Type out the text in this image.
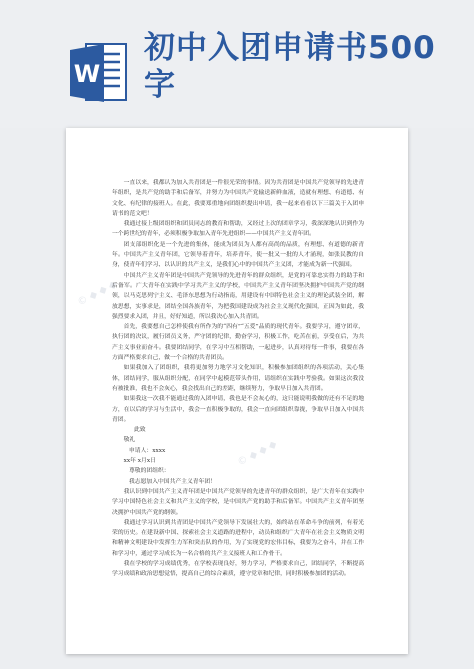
W
初中入团申请书500字
© ◆ ◆ ◆
© ◆ ◆ ◆

一直以来，我都认为加入共青团是一件很光荣的事情。因为共青团是中国共产党领导的先进青年组织，是共产党的助手和后备军，并努力为中国共产党输送新鲜血液，造就有理想、有道德、有文化、有纪律的接班人。在此，我要郑重地向团组织提出申请，我一起来看看以下三篇关于入团申请书的范文吧！

我通过接上级团组织和团员同志的教育和帮助，又经过上次的团章学习，我深深地认识到作为一个跨世纪的青年，必须积极争取加入青年先进组织——中国共产主义青年团。

团支部组织化是一个先进的集体，能成为团员为人都有高尚的品质，有理想、有道德的新青年。中国共产主义青年团，它领导着青年，培养青年，使一批又一批的人才涌现，如张民教的自身，使青年们学习、以认识的共产主义，是我们心中的中国共产主义团，才能成为新一代强国。

中国共产主义青年团是中国共产党领导的先进青年的群众组织，是党的可靠忠实得力的助手和后备军。广大青年在实践中学习共产主义的学校，中国共产主义青年团坚决拥护中国共产党的纲领，以马克思列宁主义、毛泽东思想为行动指南，用建设有中国特色社会主义的理论武装全团，解放思想，实事求是，团结全国各族青年，为把我国建设成为社会主义现代化强国，正因为如此，我强烈要求入团，并且，好好知道，所以我决心加入共青团。

首先，我要想自己怎样使我有所作为的“四有”“五爱”品质的现代青年。我要学习，遵守团章，执行团的决议，履行团员义务，严守团的纪律，勤奋学习，积极工作，吃苦在前，享受在后，为共产主义事业而奋斗。我要团结同学，在学习中互相帮助，一起进步，认真对待每一件事，我要在各方面严格要求自己，做一个合格的共青团员。

如果我加入了团组织，我将更加努力地学习文化知识，积极参加团组织的各项活动，关心集体，团结同学，服从组织分配，在同学中起模范带头作用，请组织在实践中考验我。如果这次我没有被批准，我也不会灰心，我会找出自己的差距，继续努力，争取早日加入共青团。

如果我这一次我不能通过我的入团申请，我也是不会灰心的，这只能说明我做的还有不足的地方，在以后的学习与生活中，我会一直积极争取的，我会一直向团组织靠拢，争取早日加入中国共青团。

此致

敬礼

申请人：xxxx

xx年 x月x日

尊敬的团组织：

我志愿加入中国共产主义青年团！

我认识到中国共产主义青年团是中国共产党领导的先进青年的群众组织，是广大青年在实践中学习中国特色社会主义和共产主义的学校，是中国共产党的助手和后备军。中国共产主义青年团坚决拥护中国共产党的纲领。

我通过学习认识到共青团是中国共产党领导下发展壮大的，始终站在革命斗争的前列，有着光荣的历史。在建设新中国、探索社会主义道路的进程中，动员和组织广大青年在社会主义物质文明和精神文明建设中发挥生力军和突击队的作用，为了实现党的宏伟目标，我要为之奋斗，并在工作和学习中，通过学习成长为一名合格的共产主义接班人和工作骨干。

我在学校的学习成绩优秀，在学校表现良好，努力学习，严格要求自己，团结同学，不断提高学习成绩和政治思想觉悟，提高自己的综合素质，遵守党章和纪律，同时积极参加团的活动。
